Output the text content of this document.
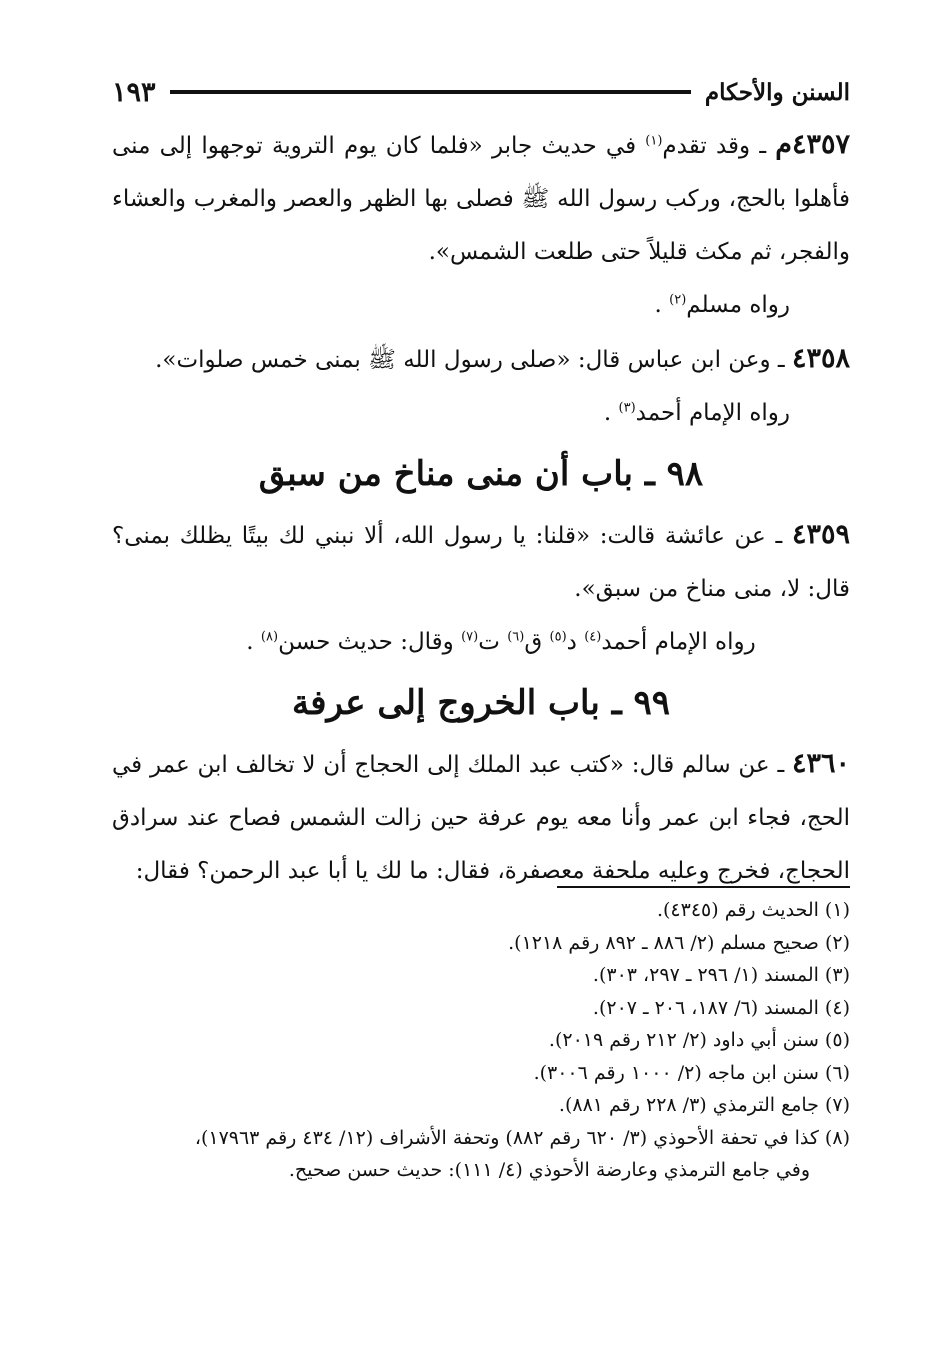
السنن والأحكام
١٩٣

٤٣٥٧م ـ وقد تقدم$^{(١)}$ في حديث جابر «فلما كان يوم التروية توجهوا إلى منى فأهلوا بالحج، وركب رسول الله ﷺ فصلى بها الظهر والعصر والمغرب والعشاء والفجر، ثم مكث قليلاً حتى طلعت الشمس».

رواه مسلم$^{(٢)}$ .

٤٣٥٨ ـ وعن ابن عباس قال: «صلى رسول الله ﷺ بمنى خمس صلوات».

رواه الإمام أحمد$^{(٣)}$ .

٩٨ ـ باب أن منى مناخ من سبق

٤٣٥٩ ـ عن عائشة قالت: «قلنا: يا رسول الله، ألا نبني لك بيتًا يظلك بمنى؟ قال: لا، منى مناخ من سبق».

رواه الإمام أحمد$^{(٤)}$ د$^{(٥)}$ ق$^{(٦)}$ ت$^{(٧)}$ وقال: حديث حسن$^{(٨)}$ .

٩٩ ـ باب الخروج إلى عرفة

٤٣٦٠ ـ عن سالم قال: «كتب عبد الملك إلى الحجاج أن لا تخالف ابن عمر في الحج، فجاء ابن عمر وأنا معه يوم عرفة حين زالت الشمس فصاح عند سرادق الحجاج، فخرج وعليه ملحفة معصفرة، فقال: ما لك يا أبا عبد الرحمن؟ فقال:

(١) الحديث رقم (٤٣٤٥).
(٢) صحيح مسلم (٢/ ٨٨٦ ـ ٨٩٢ رقم ١٢١٨).
(٣) المسند (١/ ٢٩٦ ـ ٢٩٧، ٣٠٣).
(٤) المسند (٦/ ١٨٧، ٢٠٦ ـ ٢٠٧).
(٥) سنن أبي داود (٢/ ٢١٢ رقم ٢٠١٩).
(٦) سنن ابن ماجه (٢/ ١٠٠٠ رقم ٣٠٠٦).
(٧) جامع الترمذي (٣/ ٢٢٨ رقم ٨٨١).
(٨) كذا في تحفة الأحوذي (٣/ ٦٢٠ رقم ٨٨٢) وتحفة الأشراف (١٢/ ٤٣٤ رقم ١٧٩٦٣)،
وفي جامع الترمذي وعارضة الأحوذي (٤/ ١١١): حديث حسن صحيح.
